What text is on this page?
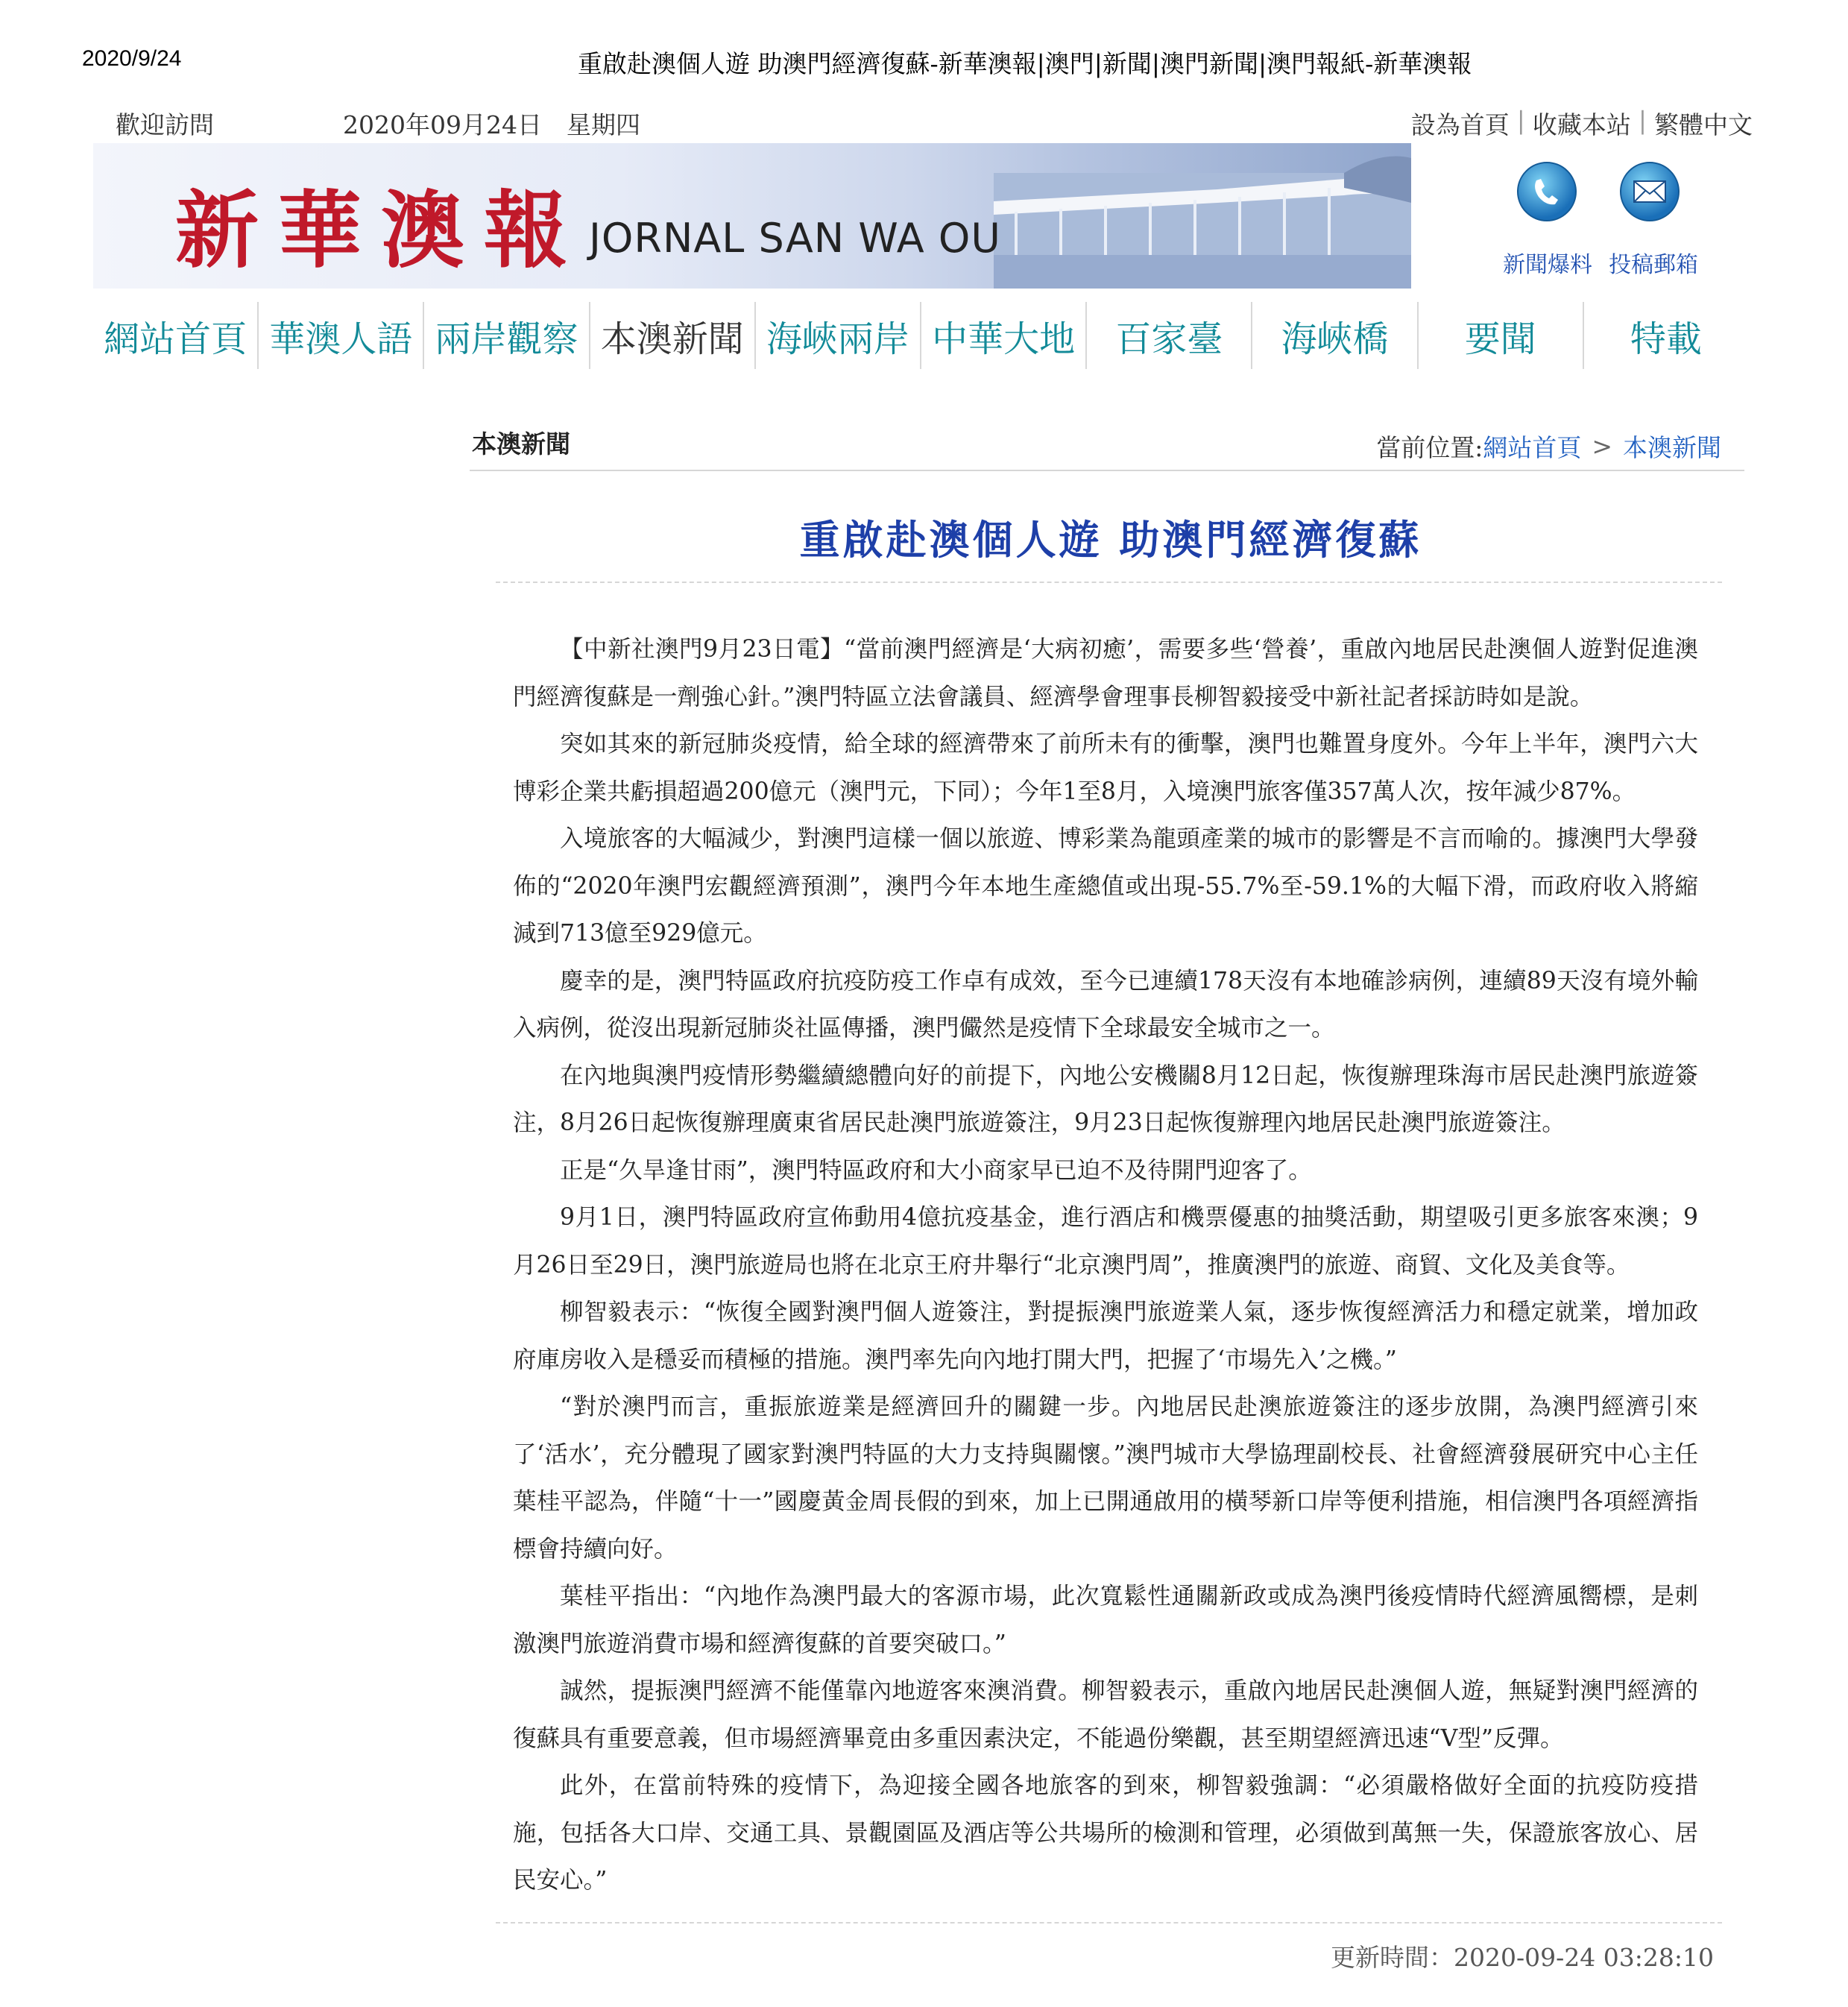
2020/9/24	重啟赴澳個人遊 助澳門經濟復蘇-新華澳報|澳門|新聞|澳門新聞|澳門報紙-新華澳報
歡迎訪問	2020年09月24日　星期四	設為首頁 | 收藏本站 | 繁體中文
新華澳報 JORNAL SAN WA OU
新聞爆料 投稿郵箱
網站首頁 華澳人語 兩岸觀察 本澳新聞 海峽兩岸 中華大地	百家臺	海峽橋	要聞	特載
本澳新聞	當前位置: 網站首頁 > 本澳新聞
重啟赴澳個人遊 助澳門經濟復蘇

【中新社澳門9月23日電】“當前澳門經濟是‘大病初癒’，需要多些‘營養’，重啟內地居民赴澳個人遊對促進澳門經濟復蘇是一劑強心針。”澳門特區立法會議員、經濟學會理事長柳智毅接受中新社記者採訪時如是說。

突如其來的新冠肺炎疫情，給全球的經濟帶來了前所未有的衝擊，澳門也難置身度外。今年上半年，澳門六大博彩企業共虧損超過200億元（澳門元，下同）；今年1至8月，入境澳門旅客僅357萬人次，按年減少87%。

入境旅客的大幅減少，對澳門這樣一個以旅遊、博彩業為龍頭產業的城市的影響是不言而喻的。據澳門大學發佈的“2020年澳門宏觀經濟預測”，澳門今年本地生產總值或出現-55.7%至-59.1%的大幅下滑，而政府收入將縮減到713億至929億元。

慶幸的是，澳門特區政府抗疫防疫工作卓有成效，至今已連續178天沒有本地確診病例，連續89天沒有境外輸入病例，從沒出現新冠肺炎社區傳播，澳門儼然是疫情下全球最安全城市之一。

在內地與澳門疫情形勢繼續總體向好的前提下，內地公安機關8月12日起，恢復辦理珠海市居民赴澳門旅遊簽注，8月26日起恢復辦理廣東省居民赴澳門旅遊簽注，9月23日起恢復辦理內地居民赴澳門旅遊簽注。

正是“久旱逢甘雨”，澳門特區政府和大小商家早已迫不及待開門迎客了。

9月1日，澳門特區政府宣佈動用4億抗疫基金，進行酒店和機票優惠的抽獎活動，期望吸引更多旅客來澳；9月26日至29日，澳門旅遊局也將在北京王府井舉行“北京澳門周”，推廣澳門的旅遊、商貿、文化及美食等。

柳智毅表示：“恢復全國對澳門個人遊簽注，對提振澳門旅遊業人氣，逐步恢復經濟活力和穩定就業，增加政府庫房收入是穩妥而積極的措施。澳門率先向內地打開大門，把握了‘市場先入’之機。”

“對於澳門而言，重振旅遊業是經濟回升的關鍵一步。內地居民赴澳旅遊簽注的逐步放開，為澳門經濟引來了‘活水’，充分體現了國家對澳門特區的大力支持與關懷。”澳門城市大學協理副校長、社會經濟發展研究中心主任葉桂平認為，伴隨“十一”國慶黃金周長假的到來，加上已開通啟用的橫琴新口岸等便利措施，相信澳門各項經濟指標會持續向好。

葉桂平指出：“內地作為澳門最大的客源市場，此次寬鬆性通關新政或成為澳門後疫情時代經濟風嚮標，是刺激澳門旅遊消費市場和經濟復蘇的首要突破口。”

誠然，提振澳門經濟不能僅靠內地遊客來澳消費。柳智毅表示，重啟內地居民赴澳個人遊，無疑對澳門經濟的復蘇具有重要意義，但市場經濟畢竟由多重因素決定，不能過份樂觀，甚至期望經濟迅速“V型”反彈。

此外，在當前特殊的疫情下，為迎接全國各地旅客的到來，柳智毅強調：“必須嚴格做好全面的抗疫防疫措施，包括各大口岸、交通工具、景觀園區及酒店等公共場所的檢測和管理，必須做到萬無一失，保證旅客放心、居民安心。”

更新時間：2020-09-24 03:28:10
